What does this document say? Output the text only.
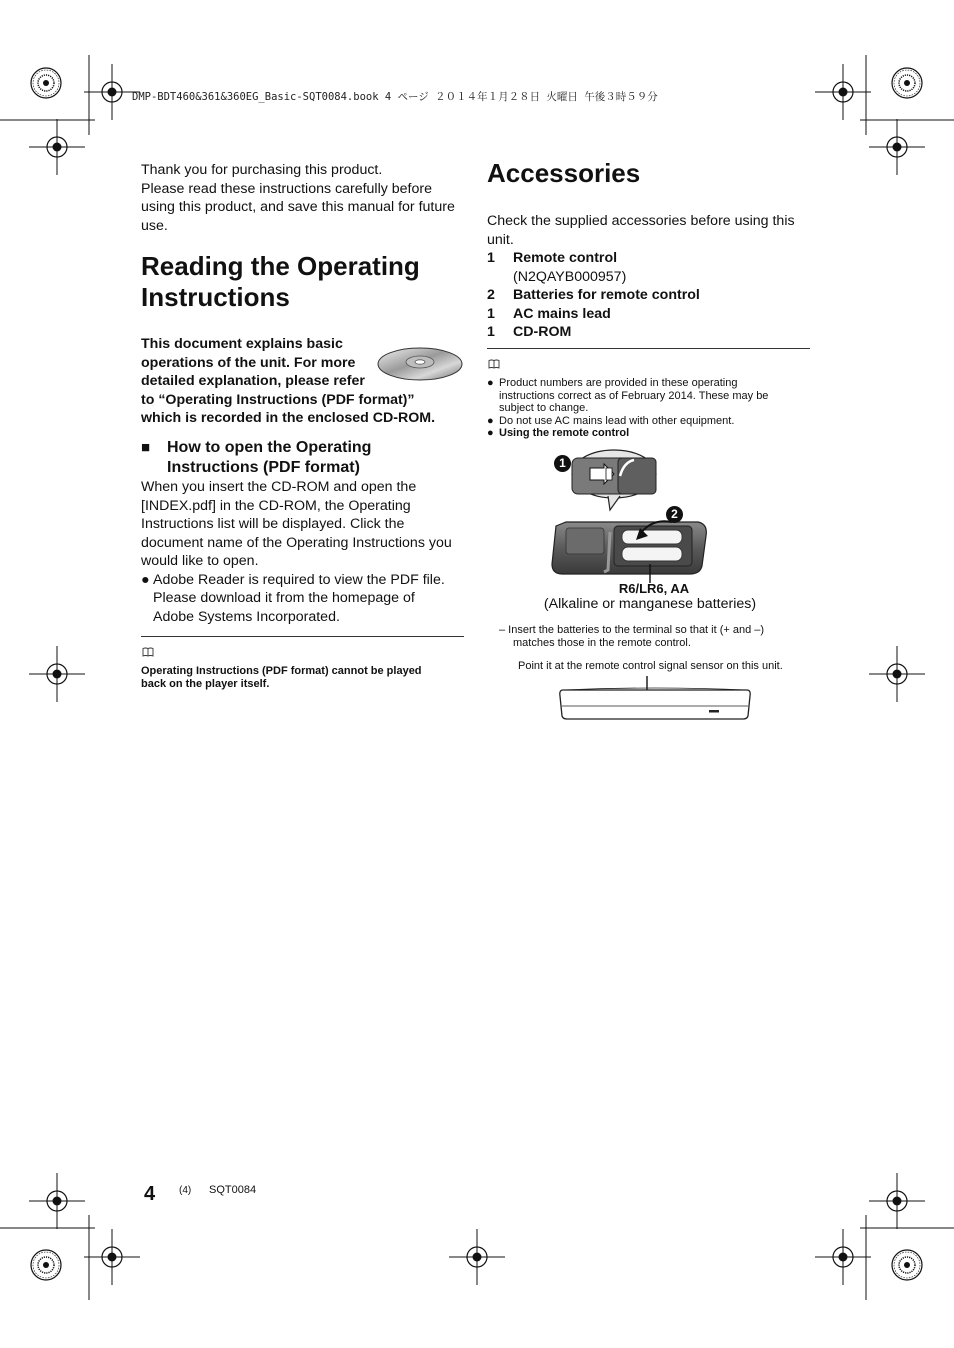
DMP-BDT460&361&360EG_Basic-SQT0084.book 4 ページ ２０１４年１月２８日 火曜日 午後３時５９分

Thank you for purchasing this product.

Please read these instructions carefully before

using this product, and save this manual for future

use.

Reading the Operating

Instructions

This document explains basic

operations of the unit. For more

detailed explanation, please refer

to “Operating Instructions (PDF format)”

which is recorded in the enclosed CD-ROM.

■	How to open the Operating

Instructions (PDF format)

When you insert the CD-ROM and open the

[INDEX.pdf] in the CD-ROM, the Operating

Instructions list will be displayed. Click the

document name of the Operating Instructions you

would like to open.

● Adobe Reader is required to view the PDF file.

Please download it from the homepage of

Adobe Systems Incorporated.

Operating Instructions (PDF format) cannot be played

back on the player itself.

Accessories

Check the supplied accessories before using this

unit.

1	Remote control
(N2QAYB000957)
2	Batteries for remote control
1	AC mains lead
1	CD-ROM
● Product numbers are provided in these operating
instructions correct as of February 2014. These may be
subject to change.
● Do not use AC mains lead with other equipment.
● Using the remote control
1
2
R6/LR6, AA
(Alkaline or manganese batteries)
– Insert the batteries to the terminal so that it (+ and –)
matches those in the remote control.
Point it at the remote control signal sensor on this unit.
4 (4) SQT0084
